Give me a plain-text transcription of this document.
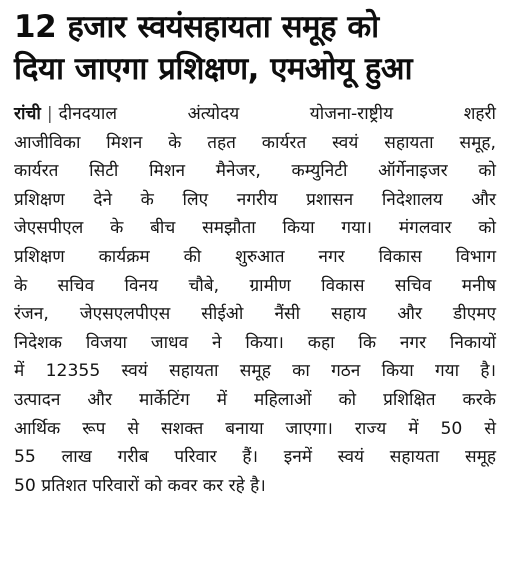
12 हजार स्वयंसहायता समूह को
दिया जाएगा प्रशिक्षण, एमओयू हुआ
रांची | दीनदयाल अंत्योदय योजना-राष्ट्रीय शहरी
आजीविका मिशन के तहत कार्यरत स्वयं सहायता समूह,
कार्यरत सिटी मिशन मैनेजर, कम्युनिटी ऑर्गेनाइजर को
प्रशिक्षण देने के लिए नगरीय प्रशासन निदेशालय और
जेएसपीएल के बीच समझौता किया गया। मंगलवार को
प्रशिक्षण कार्यक्रम की शुरुआत नगर विकास विभाग
के सचिव विनय चौबे, ग्रामीण विकास सचिव मनीष
रंजन, जेएसएलपीएस सीईओ नैंसी सहाय और डीएमए
निदेशक विजया जाधव ने किया। कहा कि नगर निकायों
में 12355 स्वयं सहायता समूह का गठन किया गया है।
उत्पादन और मार्केटिंग में महिलाओं को प्रशिक्षित करके
आर्थिक रूप से सशक्त बनाया जाएगा। राज्य में 50 से
55 लाख गरीब परिवार हैं। इनमें स्वयं सहायता समूह
50 प्रतिशत परिवारों को कवर कर रहे है।
